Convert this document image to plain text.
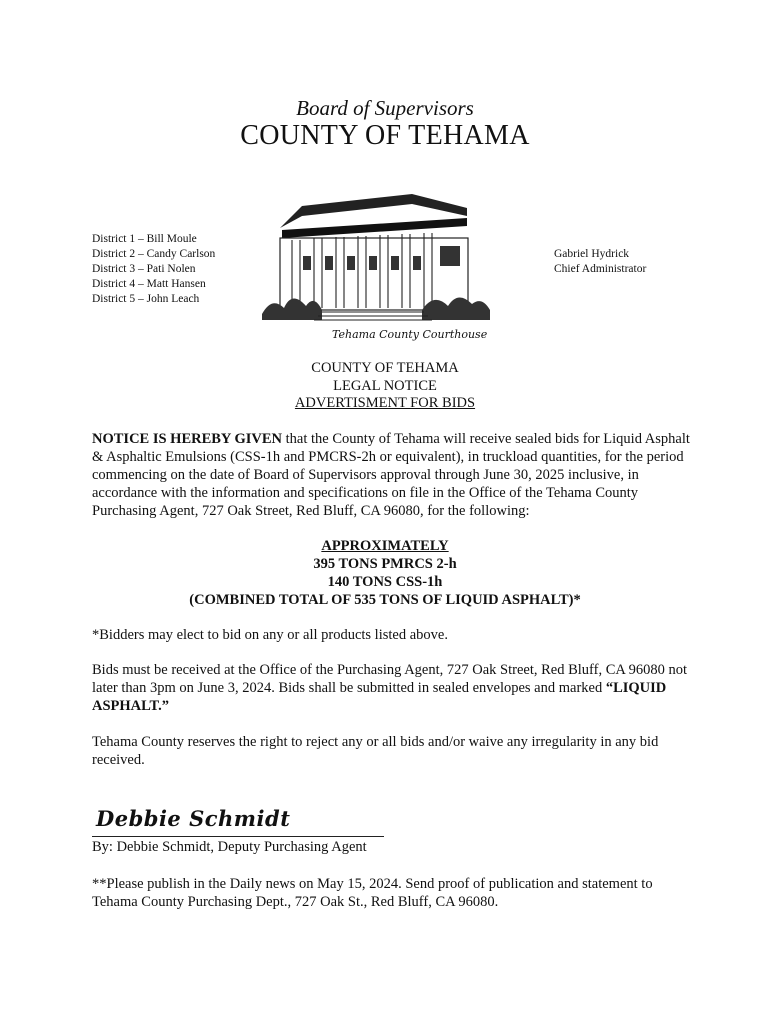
Board of Supervisors
COUNTY OF TEHAMA
District 1 – Bill Moule
District 2 – Candy Carlson
District 3 – Pati Nolen
District 4 – Matt Hansen
District 5 – John Leach
Gabriel Hydrick
Chief Administrator
Tehama County Courthouse
COUNTY OF TEHAMA
LEGAL NOTICE
ADVERTISMENT FOR BIDS
NOTICE IS HEREBY GIVEN that the County of Tehama will receive sealed bids for Liquid Asphalt & Asphaltic Emulsions (CSS-1h and PMCRS-2h or equivalent), in truckload quantities, for the period commencing on the date of Board of Supervisors approval through June 30, 2025 inclusive, in accordance with the information and specifications on file in the Office of the Tehama County Purchasing Agent, 727 Oak Street, Red Bluff, CA 96080, for the following:
APPROXIMATELY
395 TONS PMRCS 2-h
140 TONS CSS-1h
(COMBINED TOTAL OF 535 TONS OF LIQUID ASPHALT)*
*Bidders may elect to bid on any or all products listed above.
Bids must be received at the Office of the Purchasing Agent, 727 Oak Street, Red Bluff, CA 96080 not later than 3pm on June 3, 2024. Bids shall be submitted in sealed envelopes and marked “LIQUID ASPHALT.”
Tehama County reserves the right to reject any or all bids and/or waive any irregularity in any bid received.
Debbie Schmidt
By: Debbie Schmidt, Deputy Purchasing Agent
**Please publish in the Daily news on May 15, 2024. Send proof of publication and statement to Tehama County Purchasing Dept., 727 Oak St., Red Bluff, CA 96080.
